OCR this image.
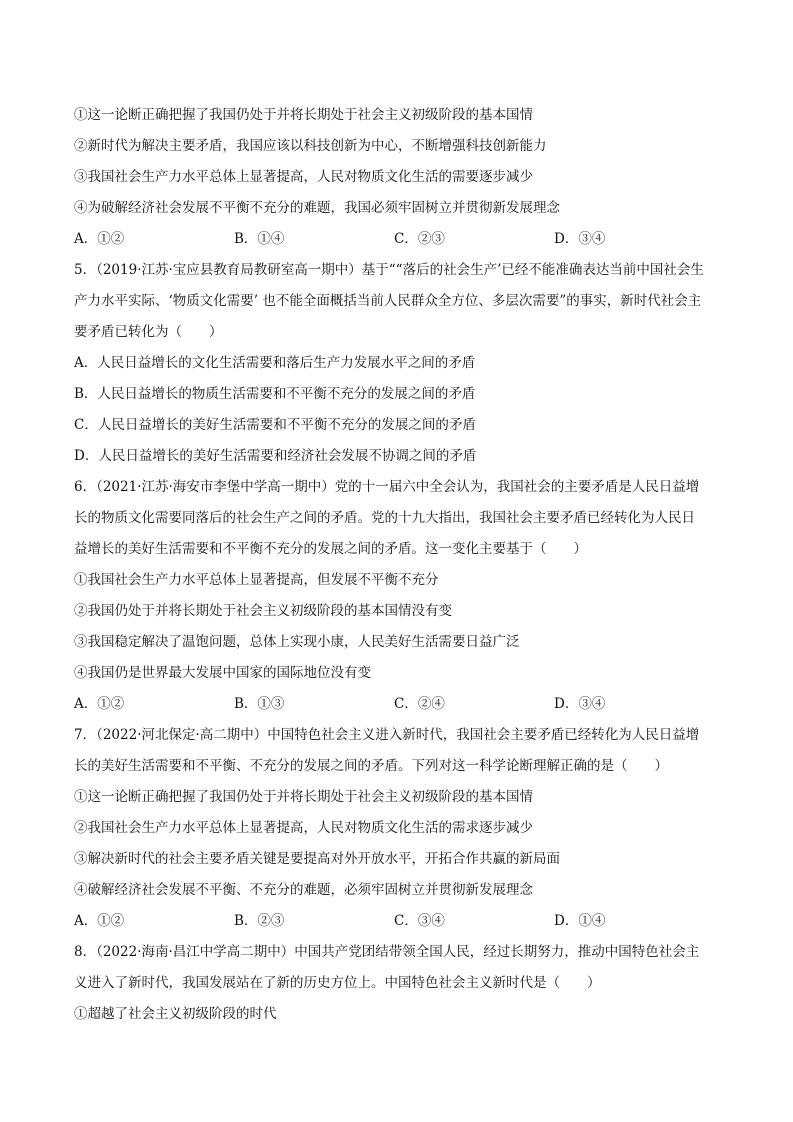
①这一论断正确把握了我国仍处于并将长期处于社会主义初级阶段的基本国情
②新时代为解决主要矛盾，我国应该以科技创新为中心，不断增强科技创新能力
③我国社会生产力水平总体上显著提高，人民对物质文化生活的需要逐步减少
④为破解经济社会发展不平衡不充分的难题，我国必须牢固树立并贯彻新发展理念
A．①②	B．①④	C．②③	D．③④
5．（2019·江苏·宝应县教育局教研室高一期中）基于““落后的社会生产’已经不能准确表达当前中国社会生
产力水平实际、‘物质文化需要’ 也不能全面概括当前人民群众全方位、多层次需要”的事实，新时代社会主
要矛盾已转化为（　　）
A．人民日益增长的文化生活需要和落后生产力发展水平之间的矛盾
B．人民日益增长的物质生活需要和不平衡不充分的发展之间的矛盾
C．人民日益增长的美好生活需要和不平衡不充分的发展之间的矛盾
D．人民日益增长的美好生活需要和经济社会发展不协调之间的矛盾
6．（2021·江苏·海安市李堡中学高一期中）党的十一届六中全会认为，我国社会的主要矛盾是人民日益增
长的物质文化需要同落后的社会生产之间的矛盾。党的十九大指出，我国社会主要矛盾已经转化为人民日
益增长的美好生活需要和不平衡不充分的发展之间的矛盾。这一变化主要基于（　　）
①我国社会生产力水平总体上显著提高，但发展不平衡不充分
②我国仍处于并将长期处于社会主义初级阶段的基本国情没有变
③我国稳定解决了温饱问题，总体上实现小康，人民美好生活需要日益广泛
④我国仍是世界最大发展中国家的国际地位没有变
A．①②	B．①③	C．②④	D．③④
7．（2022·河北保定·高二期中）中国特色社会主义进入新时代，我国社会主要矛盾已经转化为人民日益增
长的美好生活需要和不平衡、不充分的发展之间的矛盾。下列对这一科学论断理解正确的是（　　）
①这一论断正确把握了我国仍处于并将长期处于社会主义初级阶段的基本国情
②我国社会生产力水平总体上显著提高，人民对物质文化生活的需求逐步减少
③解决新时代的社会主要矛盾关键是要提高对外开放水平，开拓合作共赢的新局面
④破解经济社会发展不平衡、不充分的难题，必须牢固树立并贯彻新发展理念
A．①②	B．②③	C．③④	D．①④
8．（2022·海南·昌江中学高二期中）中国共产党团结带领全国人民，经过长期努力，推动中国特色社会主
义进入了新时代，我国发展站在了新的历史方位上。中国特色社会主义新时代是（　　）
①超越了社会主义初级阶段的时代
